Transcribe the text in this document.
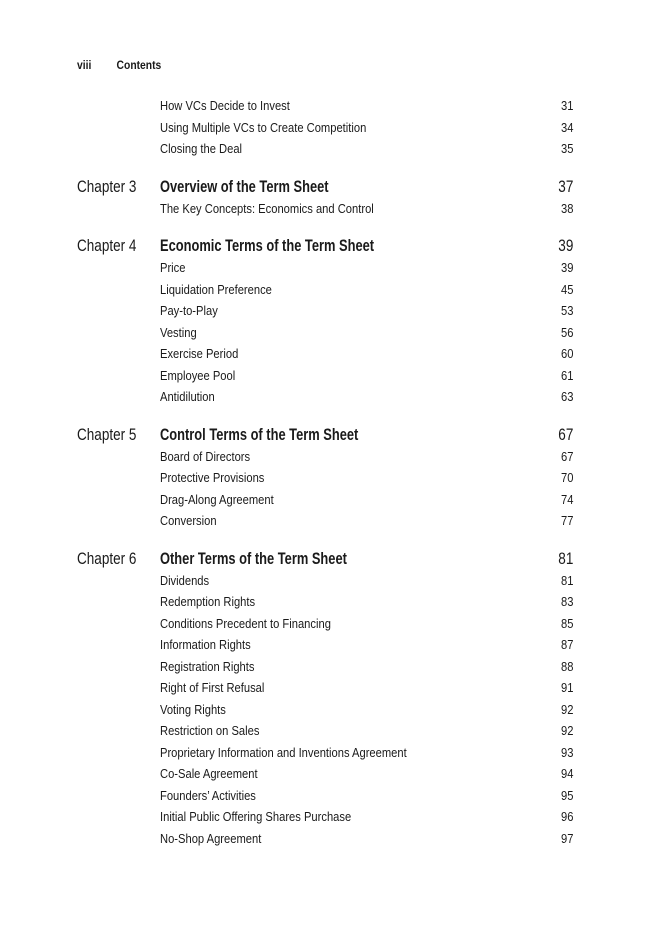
viii Contents
How VCs Decide to Invest	31
Using Multiple VCs to Create Competition	34
Closing the Deal	35
Chapter 3 Overview of the Term Sheet	37
The Key Concepts: Economics and Control	38
Chapter 4 Economic Terms of the Term Sheet	39
Price	39
Liquidation Preference	45
Pay-to-Play	53
Vesting	56
Exercise Period	60
Employee Pool	61
Antidilution	63
Chapter 5 Control Terms of the Term Sheet	67
Board of Directors	67
Protective Provisions	70
Drag-Along Agreement	74
Conversion	77
Chapter 6 Other Terms of the Term Sheet	81
Dividends	81
Redemption Rights	83
Conditions Precedent to Financing	85
Information Rights	87
Registration Rights	88
Right of First Refusal	91
Voting Rights	92
Restriction on Sales	92
Proprietary Information and Inventions Agreement	93
Co-Sale Agreement	94
Founders’ Activities	95
Initial Public Offering Shares Purchase	96
No-Shop Agreement	97
